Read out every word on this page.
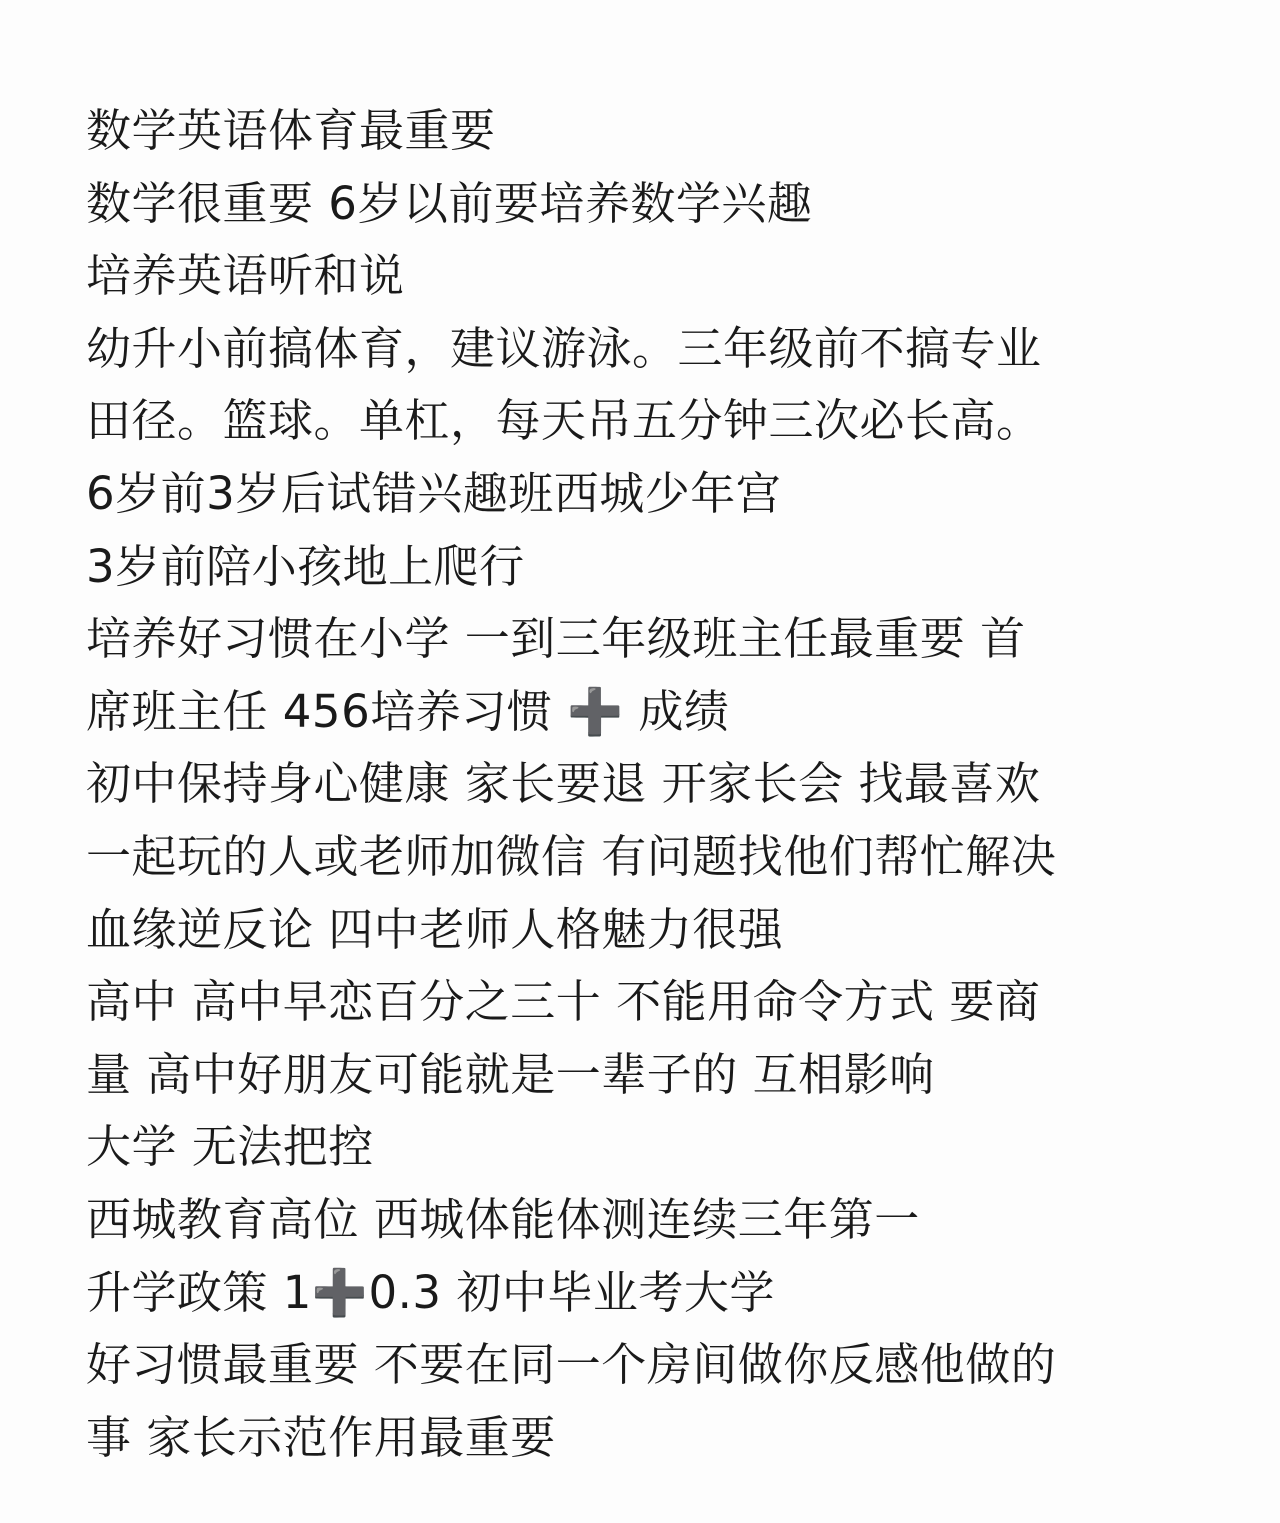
数学英语体育最重要
数学很重要 6岁以前要培养数学兴趣
培养英语听和说
幼升小前搞体育，建议游泳。三年级前不搞专业
田径。篮球。单杠，每天吊五分钟三次必长高。
6岁前3岁后试错兴趣班西城少年宫
3岁前陪小孩地上爬行
培养好习惯在小学 一到三年级班主任最重要 首
席班主任 456培养习惯 ➕ 成绩
初中保持身心健康 家长要退 开家长会 找最喜欢
一起玩的人或老师加微信 有问题找他们帮忙解决
血缘逆反论 四中老师人格魅力很强
高中 高中早恋百分之三十 不能用命令方式 要商
量 高中好朋友可能就是一辈子的 互相影响
大学 无法把控
西城教育高位 西城体能体测连续三年第一
升学政策 1➕0.3 初中毕业考大学
好习惯最重要 不要在同一个房间做你反感他做的
事 家长示范作用最重要
